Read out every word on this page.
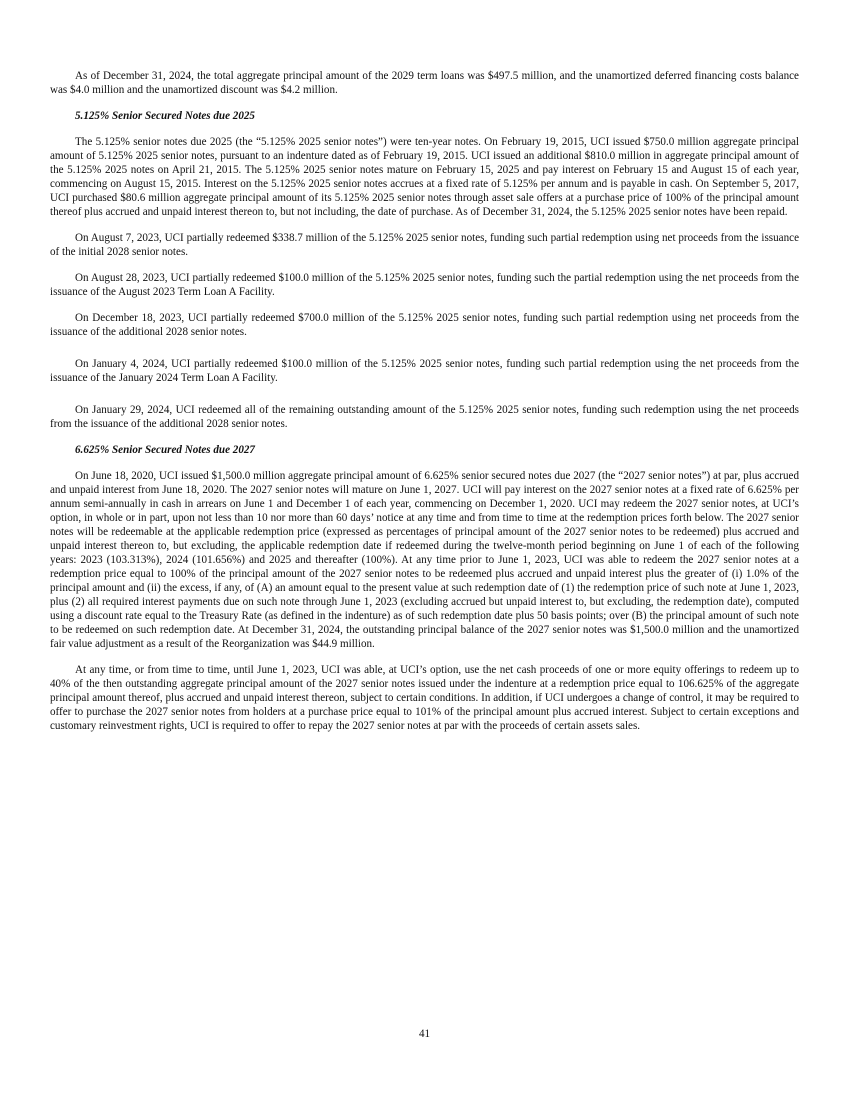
As of December 31, 2024, the total aggregate principal amount of the 2029 term loans was $497.5 million, and the unamortized deferred financing costs balance was $4.0 million and the unamortized discount was $4.2 million.

5.125% Senior Secured Notes due 2025

The 5.125% senior notes due 2025 (the “5.125% 2025 senior notes”) were ten-year notes. On February 19, 2015, UCI issued $750.0 million aggregate principal amount of 5.125% 2025 senior notes, pursuant to an indenture dated as of February 19, 2015. UCI issued an additional $810.0 million in aggregate principal amount of the 5.125% 2025 notes on April 21, 2015. The 5.125% 2025 senior notes mature on February 15, 2025 and pay interest on February 15 and August 15 of each year, commencing on August 15, 2015. Interest on the 5.125% 2025 senior notes accrues at a fixed rate of 5.125% per annum and is payable in cash. On September 5, 2017, UCI purchased $80.6 million aggregate principal amount of its 5.125% 2025 senior notes through asset sale offers at a purchase price of 100% of the principal amount thereof plus accrued and unpaid interest thereon to, but not including, the date of purchase. As of December 31, 2024, the 5.125% 2025 senior notes have been repaid.

On August 7, 2023, UCI partially redeemed $338.7 million of the 5.125% 2025 senior notes, funding such partial redemption using net proceeds from the issuance of the initial 2028 senior notes.

On August 28, 2023, UCI partially redeemed $100.0 million of the 5.125% 2025 senior notes, funding such the partial redemption using the net proceeds from the issuance of the August 2023 Term Loan A Facility.

On December 18, 2023, UCI partially redeemed $700.0 million of the 5.125% 2025 senior notes, funding such partial redemption using net proceeds from the issuance of the additional 2028 senior notes.

On January 4, 2024, UCI partially redeemed $100.0 million of the 5.125% 2025 senior notes, funding such partial redemption using the net proceeds from the issuance of the January 2024 Term Loan A Facility.

On January 29, 2024, UCI redeemed all of the remaining outstanding amount of the 5.125% 2025 senior notes, funding such redemption using the net proceeds from the issuance of the additional 2028 senior notes.

6.625% Senior Secured Notes due 2027

On June 18, 2020, UCI issued $1,500.0 million aggregate principal amount of 6.625% senior secured notes due 2027 (the “2027 senior notes”) at par, plus accrued and unpaid interest from June 18, 2020. The 2027 senior notes will mature on June 1, 2027. UCI will pay interest on the 2027 senior notes at a fixed rate of 6.625% per annum semi-annually in cash in arrears on June 1 and December 1 of each year, commencing on December 1, 2020. UCI may redeem the 2027 senior notes, at UCI’s option, in whole or in part, upon not less than 10 nor more than 60 days’ notice at any time and from time to time at the redemption prices forth below. The 2027 senior notes will be redeemable at the applicable redemption price (expressed as percentages of principal amount of the 2027 senior notes to be redeemed) plus accrued and unpaid interest thereon to, but excluding, the applicable redemption date if redeemed during the twelve-month period beginning on June 1 of each of the following years: 2023 (103.313%), 2024 (101.656%) and 2025 and thereafter (100%). At any time prior to June 1, 2023, UCI was able to redeem the 2027 senior notes at a redemption price equal to 100% of the principal amount of the 2027 senior notes to be redeemed plus accrued and unpaid interest plus the greater of (i) 1.0% of the principal amount and (ii) the excess, if any, of (A) an amount equal to the present value at such redemption date of (1) the redemption price of such note at June 1, 2023, plus (2) all required interest payments due on such note through June 1, 2023 (excluding accrued but unpaid interest to, but excluding, the redemption date), computed using a discount rate equal to the Treasury Rate (as defined in the indenture) as of such redemption date plus 50 basis points; over (B) the principal amount of such note to be redeemed on such redemption date. At December 31, 2024, the outstanding principal balance of the 2027 senior notes was $1,500.0 million and the unamortized fair value adjustment as a result of the Reorganization was $44.9 million.

At any time, or from time to time, until June 1, 2023, UCI was able, at UCI’s option, use the net cash proceeds of one or more equity offerings to redeem up to 40% of the then outstanding aggregate principal amount of the 2027 senior notes issued under the indenture at a redemption price equal to 106.625% of the aggregate principal amount thereof, plus accrued and unpaid interest thereon, subject to certain conditions. In addition, if UCI undergoes a change of control, it may be required to offer to purchase the 2027 senior notes from holders at a purchase price equal to 101% of the principal amount plus accrued interest. Subject to certain exceptions and customary reinvestment rights, UCI is required to offer to repay the 2027 senior notes at par with the proceeds of certain assets sales.

41
